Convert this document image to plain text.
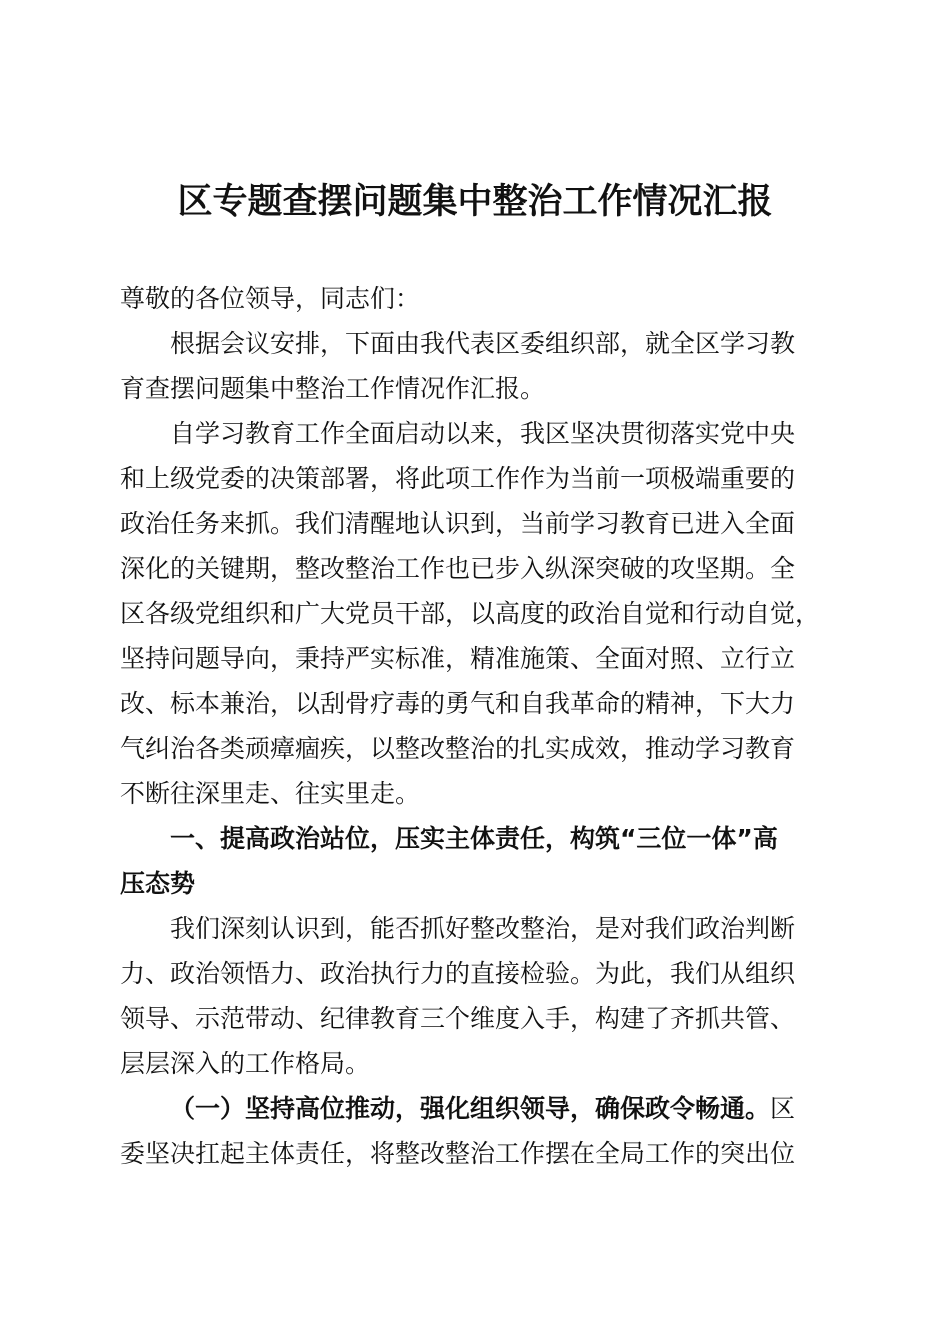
区专题查摆问题集中整治工作情况汇报

尊敬的各位领导，同志们：

根据会议安排，下面由我代表区委组织部，就全区学习教
育查摆问题集中整治工作情况作汇报。

自学习教育工作全面启动以来，我区坚决贯彻落实党中央
和上级党委的决策部署，将此项工作作为当前一项极端重要的
政治任务来抓。我们清醒地认识到，当前学习教育已进入全面
深化的关键期，整改整治工作也已步入纵深突破的攻坚期。全
区各级党组织和广大党员干部，以高度的政治自觉和行动自觉，
坚持问题导向，秉持严实标准，精准施策、全面对照、立行立
改、标本兼治，以刮骨疗毒的勇气和自我革命的精神，下大力
气纠治各类顽瘴痼疾，以整改整治的扎实成效，推动学习教育
不断往深里走、往实里走。

一、提高政治站位，压实主体责任，构筑“三位一体”高
压态势

我们深刻认识到，能否抓好整改整治，是对我们政治判断
力、政治领悟力、政治执行力的直接检验。为此，我们从组织
领导、示范带动、纪律教育三个维度入手，构建了齐抓共管、
层层深入的工作格局。

（一）坚持高位推动，强化组织领导，确保政令畅通。区
委坚决扛起主体责任，将整改整治工作摆在全局工作的突出位
